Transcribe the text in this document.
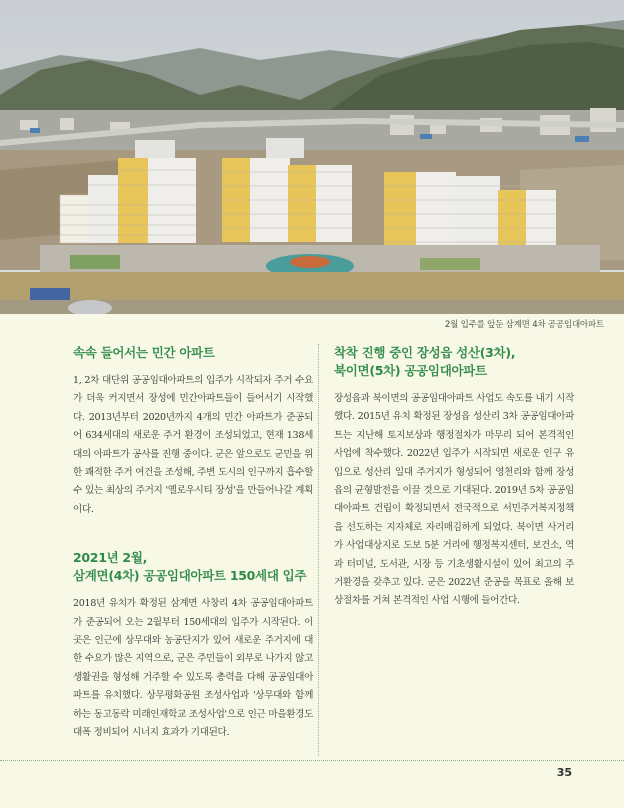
2월 입주를 앞둔 삼계면 4차 공공임대아파트
속속 들어서는 민간 아파트

1, 2차 대단위 공공임대아파트의 입주가 시작되자 주거 수요가 더욱 커지면서 장성에 민간아파트들이 들어서기 시작했다. 2013년부터 2020년까지 4개의 민간 아파트가 준공되어 634세대의 새로운 주거 환경이 조성되었고, 현재 138세대의 아파트가 공사를 진행 중이다. 군은 앞으로도 군민을 위한 쾌적한 주거 여건을 조성해, 주변 도시의 인구까지 흡수할 수 있는 최상의 주거지 '옐로우시티 장성'을 만들어나갈 계획이다.

2021년 2월,
삼계면(4차) 공공임대아파트 150세대 입주

2018년 유치가 확정된 삼계면 사창리 4차 공공임대아파트가 준공되어 오는 2월부터 150세대의 입주가 시작된다. 이곳은 인근에 상무대와 농공단지가 있어 새로운 주거지에 대한 수요가 많은 지역으로, 군은 주민들이 외부로 나가지 않고 생활권을 형성해 거주할 수 있도록 총력을 다해 공공임대아파트를 유치했다. 상무평화공원 조성사업과 '상무대와 함께하는 동고동락 미래인재학교 조성사업'으로 인근 마을환경도 대폭 정비되어 시너지 효과가 기대된다.

착착 진행 중인 장성읍 성산(3차),
북이면(5차) 공공임대아파트

장성읍과 북이면의 공공임대아파트 사업도 속도를 내기 시작했다. 2015년 유치 확정된 장성읍 성산리 3차 공공임대아파트는 지난해 토지보상과 행정절차가 마무리 되어 본격적인 사업에 착수했다. 2022년 입주가 시작되면 새로운 인구 유입으로 성산리 일대 주거지가 형성되어 영천리와 함께 장성읍의 균형발전을 이끌 것으로 기대된다. 2019년 5차 공공임대아파트 건립이 확정되면서 전국적으로 서민주거복지정책을 선도하는 지자체로 자리매김하게 되었다. 북이면 사거리가 사업대상지로 도보 5분 거리에 행정복지센터, 보건소, 역과 터미널, 도서관, 시장 등 기초생활시설이 있어 최고의 주거환경을 갖추고 있다. 군은 2022년 준공을 목표로 올해 보상절차를 거쳐 본격적인 사업 시행에 들어간다.

35
